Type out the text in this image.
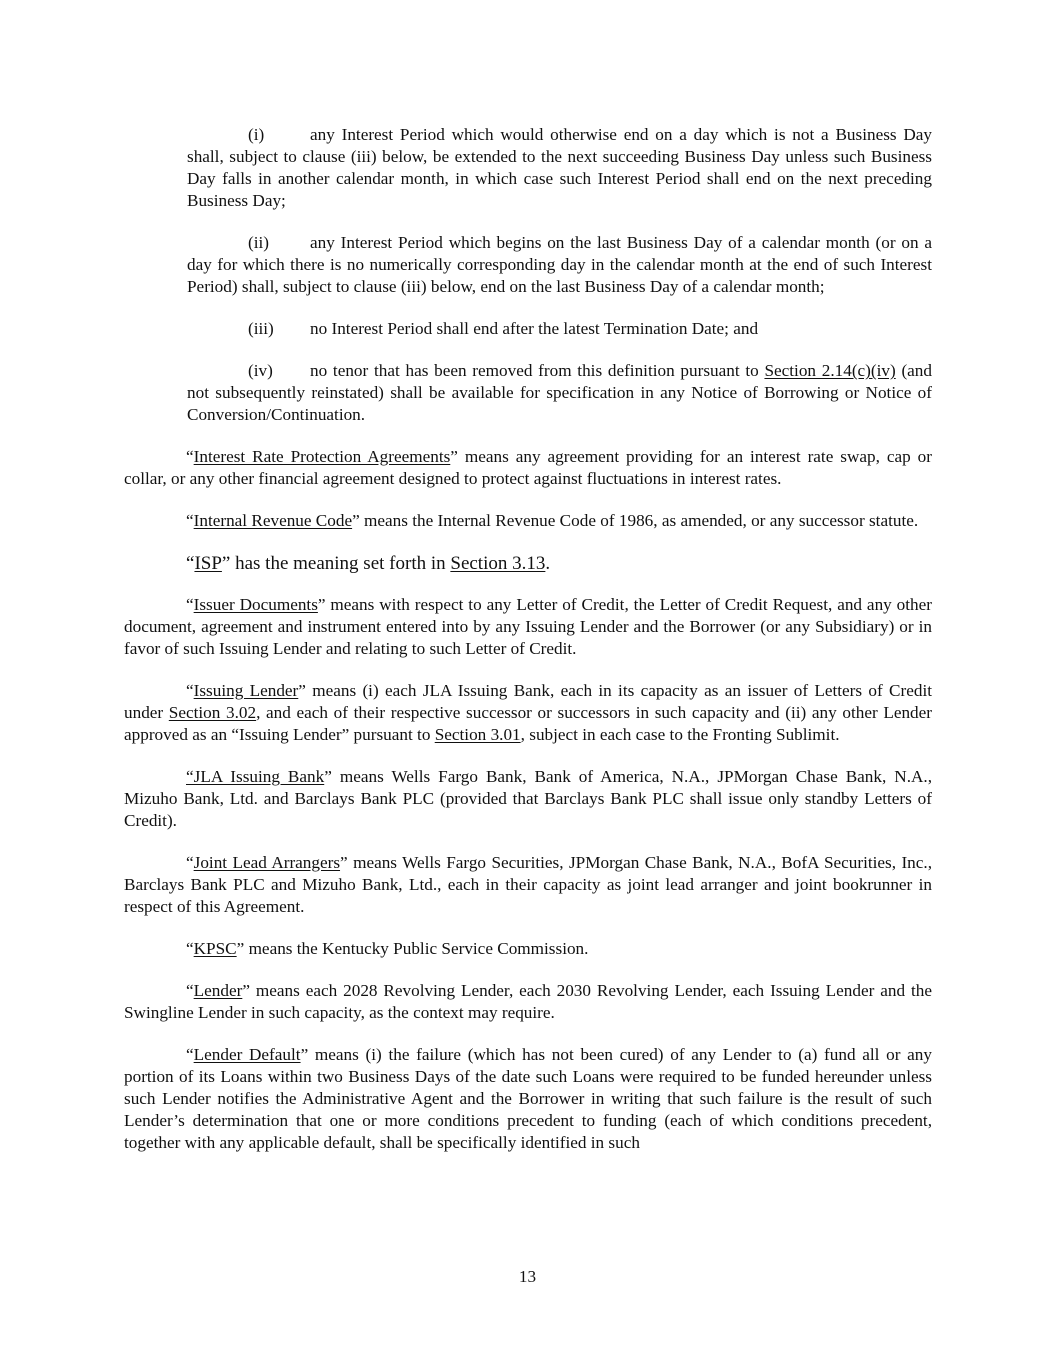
(i)	any Interest Period which would otherwise end on a day which is not a Business Day shall, subject to clause (iii) below, be extended to the next succeeding Business Day unless such Business Day falls in another calendar month, in which case such Interest Period shall end on the next preceding Business Day;

(ii) any Interest Period which begins on the last Business Day of a calendar month (or on a day for which there is no numerically corresponding day in the calendar month at the end of such Interest Period) shall, subject to clause (iii) below, end on the last Business Day of a calendar month;

(iii) no Interest Period shall end after the latest Termination Date; and

(iv) no tenor that has been removed from this definition pursuant to Section 2.14(c)(iv) (and not subsequently reinstated) shall be available for specification in any Notice of Borrowing or Notice of Conversion/Continuation.

“Interest Rate Protection Agreements” means any agreement providing for an interest rate swap, cap or collar, or any other financial agreement designed to protect against fluctuations in interest rates.

“Internal Revenue Code” means the Internal Revenue Code of 1986, as amended, or any successor statute.

“ISP” has the meaning set forth in Section 3.13.

“Issuer Documents” means with respect to any Letter of Credit, the Letter of Credit Request, and any other document, agreement and instrument entered into by any Issuing Lender and the Borrower (or any Subsidiary) or in favor of such Issuing Lender and relating to such Letter of Credit.

“Issuing Lender” means (i) each JLA Issuing Bank, each in its capacity as an issuer of Letters of Credit under Section 3.02, and each of their respective successor or successors in such capacity and (ii) any other Lender approved as an “Issuing Lender” pursuant to Section 3.01, subject in each case to the Fronting Sublimit.

“JLA Issuing Bank” means Wells Fargo Bank, Bank of America, N.A., JPMorgan Chase Bank, N.A., Mizuho Bank, Ltd. and Barclays Bank PLC (provided that Barclays Bank PLC shall issue only standby Letters of Credit).

“Joint Lead Arrangers” means Wells Fargo Securities, JPMorgan Chase Bank, N.A., BofA Securities, Inc., Barclays Bank PLC and Mizuho Bank, Ltd., each in their capacity as joint lead arranger and joint bookrunner in respect of this Agreement.

“KPSC” means the Kentucky Public Service Commission.

“Lender” means each 2028 Revolving Lender, each 2030 Revolving Lender, each Issuing Lender and the Swingline Lender in such capacity, as the context may require.

“Lender Default” means (i) the failure (which has not been cured) of any Lender to (a) fund all or any portion of its Loans within two Business Days of the date such Loans were required to be funded hereunder unless such Lender notifies the Administrative Agent and the Borrower in writing that such failure is the result of such Lender’s determination that one or more conditions precedent to funding (each of which conditions precedent, together with any applicable default, shall be specifically identified in such

13
